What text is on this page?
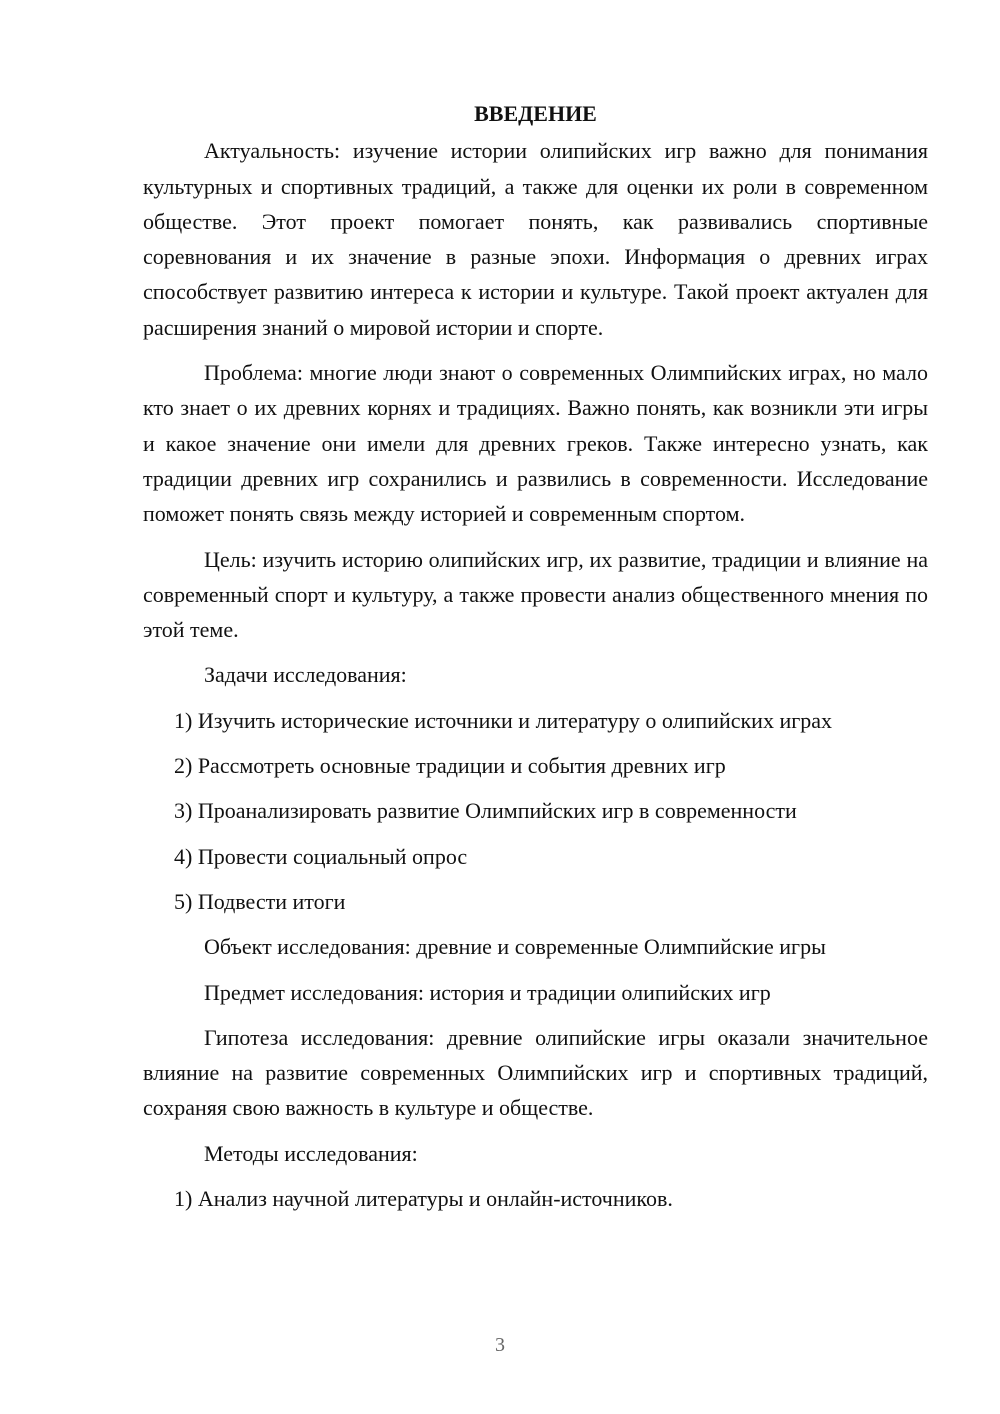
ВВЕДЕНИЕ

Актуальность: изучение истории олипийских игр важно для понимания культурных и спортивных традиций, а также для оценки их роли в современном обществе. Этот проект помогает понять, как развивались спортивные соревнования и их значение в разные эпохи. Информация о древних играх способствует развитию интереса к истории и культуре. Такой проект актуален для расширения знаний о мировой истории и спорте.

Проблема: многие люди знают о современных Олимпийских играх, но мало кто знает о их древних корнях и традициях. Важно понять, как возникли эти игры и какое значение они имели для древних греков. Также интересно узнать, как традиции древних игр сохранились и развились в современности. Исследование поможет понять связь между историей и современным спортом.

Цель: изучить историю олипийских игр, их развитие, традиции и влияние на современный спорт и культуру, а также провести анализ общественного мнения по этой теме.

Задачи исследования:

1) Изучить исторические источники и литературу о олипийских играх

2) Рассмотреть основные традиции и события древних игр

3) Проанализировать развитие Олимпийских игр в современности

4) Провести социальный опрос

5) Подвести итоги

Объект исследования: древние и современные Олимпийские игры

Предмет исследования: история и традиции олипийских игр

Гипотеза исследования: древние олипийские игры оказали значительное влияние на развитие современных Олимпийских игр и спортивных традиций, сохраняя свою важность в культуре и обществе.

Методы исследования:

1) Анализ научной литературы и онлайн-источников.

3
